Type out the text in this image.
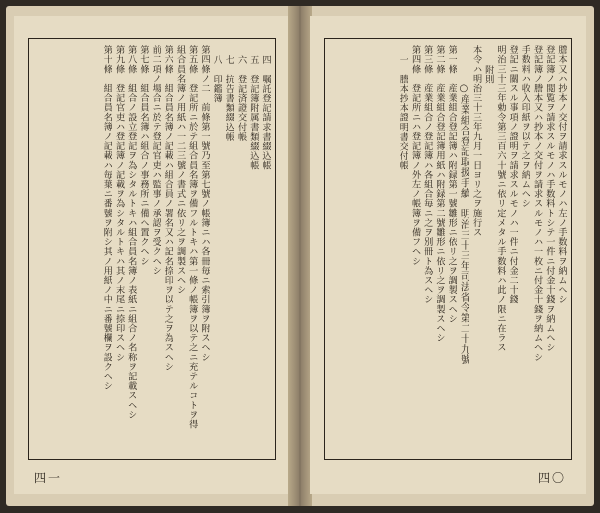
四　嘱託登記請求書綴込帳
五　登記簿附属書類綴込帳
六　登記済證交付帳
七　抗告書類綴込帳
八　印鑑簿
第四條ノ二　前條第一號乃至第七號ノ帳簿ニハ各冊毎ニ索引簿ヲ附スヘシ
第五條　登記所ニ於テ組合員名簿ヲ備フルトキハ第一條ノ帳簿ヲ以テ之ニ充テルコトヲ得
組合員名簿ノ用紙ハ一二三號ノ書式ニ依リ之ヲ調製スヘシ
第六條　組合員名簿ノ記載ハ組合員ノ署名又ハ記名捺印ヲ以テ之ヲ為スヘシ
前二項ノ場合ニ於テ登記官吏ハ監事ノ承認ヲ受クヘシ
第七條　組合員名簿ハ組合ノ事務所ニ備ヘ置クヘシ
第八條　組合ノ設立登記ヲ為シタルトキハ組合員名簿ノ表紙ニ組合ノ名称ヲ記載スヘシ
第九條　登記官吏ハ登記簿ノ記載ヲ為シタルトキハ其ノ末尾ニ捺印スヘシ
第十條　組合員名簿ノ記載ハ毎葉ニ番號ヲ附シ其ノ用紙ノ中ニ番號欄ヲ設クヘシ
四一
謄本又ハ抄本ノ交付ヲ請求スルモノハ左ノ手数料ヲ納ムヘシ
登記簿ノ閲覧ヲ請求スルモノハ手数料トシテ一件ニ付金十錢ヲ納ムヘシ
登記簿ノ謄本又ハ抄本ノ交付ヲ請求スルモノハ一枚ニ付金十錢ヲ納ムヘシ
手数料ハ收入印紙ヲ以テ之ヲ納ムヘシ
登記ニ關スル事項ノ證明ヲ請求スルモノハ一件ニ付金二十錢
明治三十三年勅令第三百六十號ニ依リ定メタル手数料ハ此ノ限ニ在ラス
附則
本令ハ明治三十三年九月一日ヨリ之ヲ施行ス
○産業組合登記取扱手續　明治三十三年司法省令第二十九號
第一條　産業組合登記簿ハ附録第一號雛形ニ依リ之ヲ調製スヘシ
第二條　産業組合登記簿用紙ハ附録第二號雛形ニ依リ之ヲ調製スヘシ
第三條　産業組合ノ登記簿ハ各組合毎ニ之ヲ別冊ト為スヘシ
第四條　登記所ニハ登記簿ノ外左ノ帳簿ヲ備フヘシ
一　謄本抄本證明書交付帳
四〇
